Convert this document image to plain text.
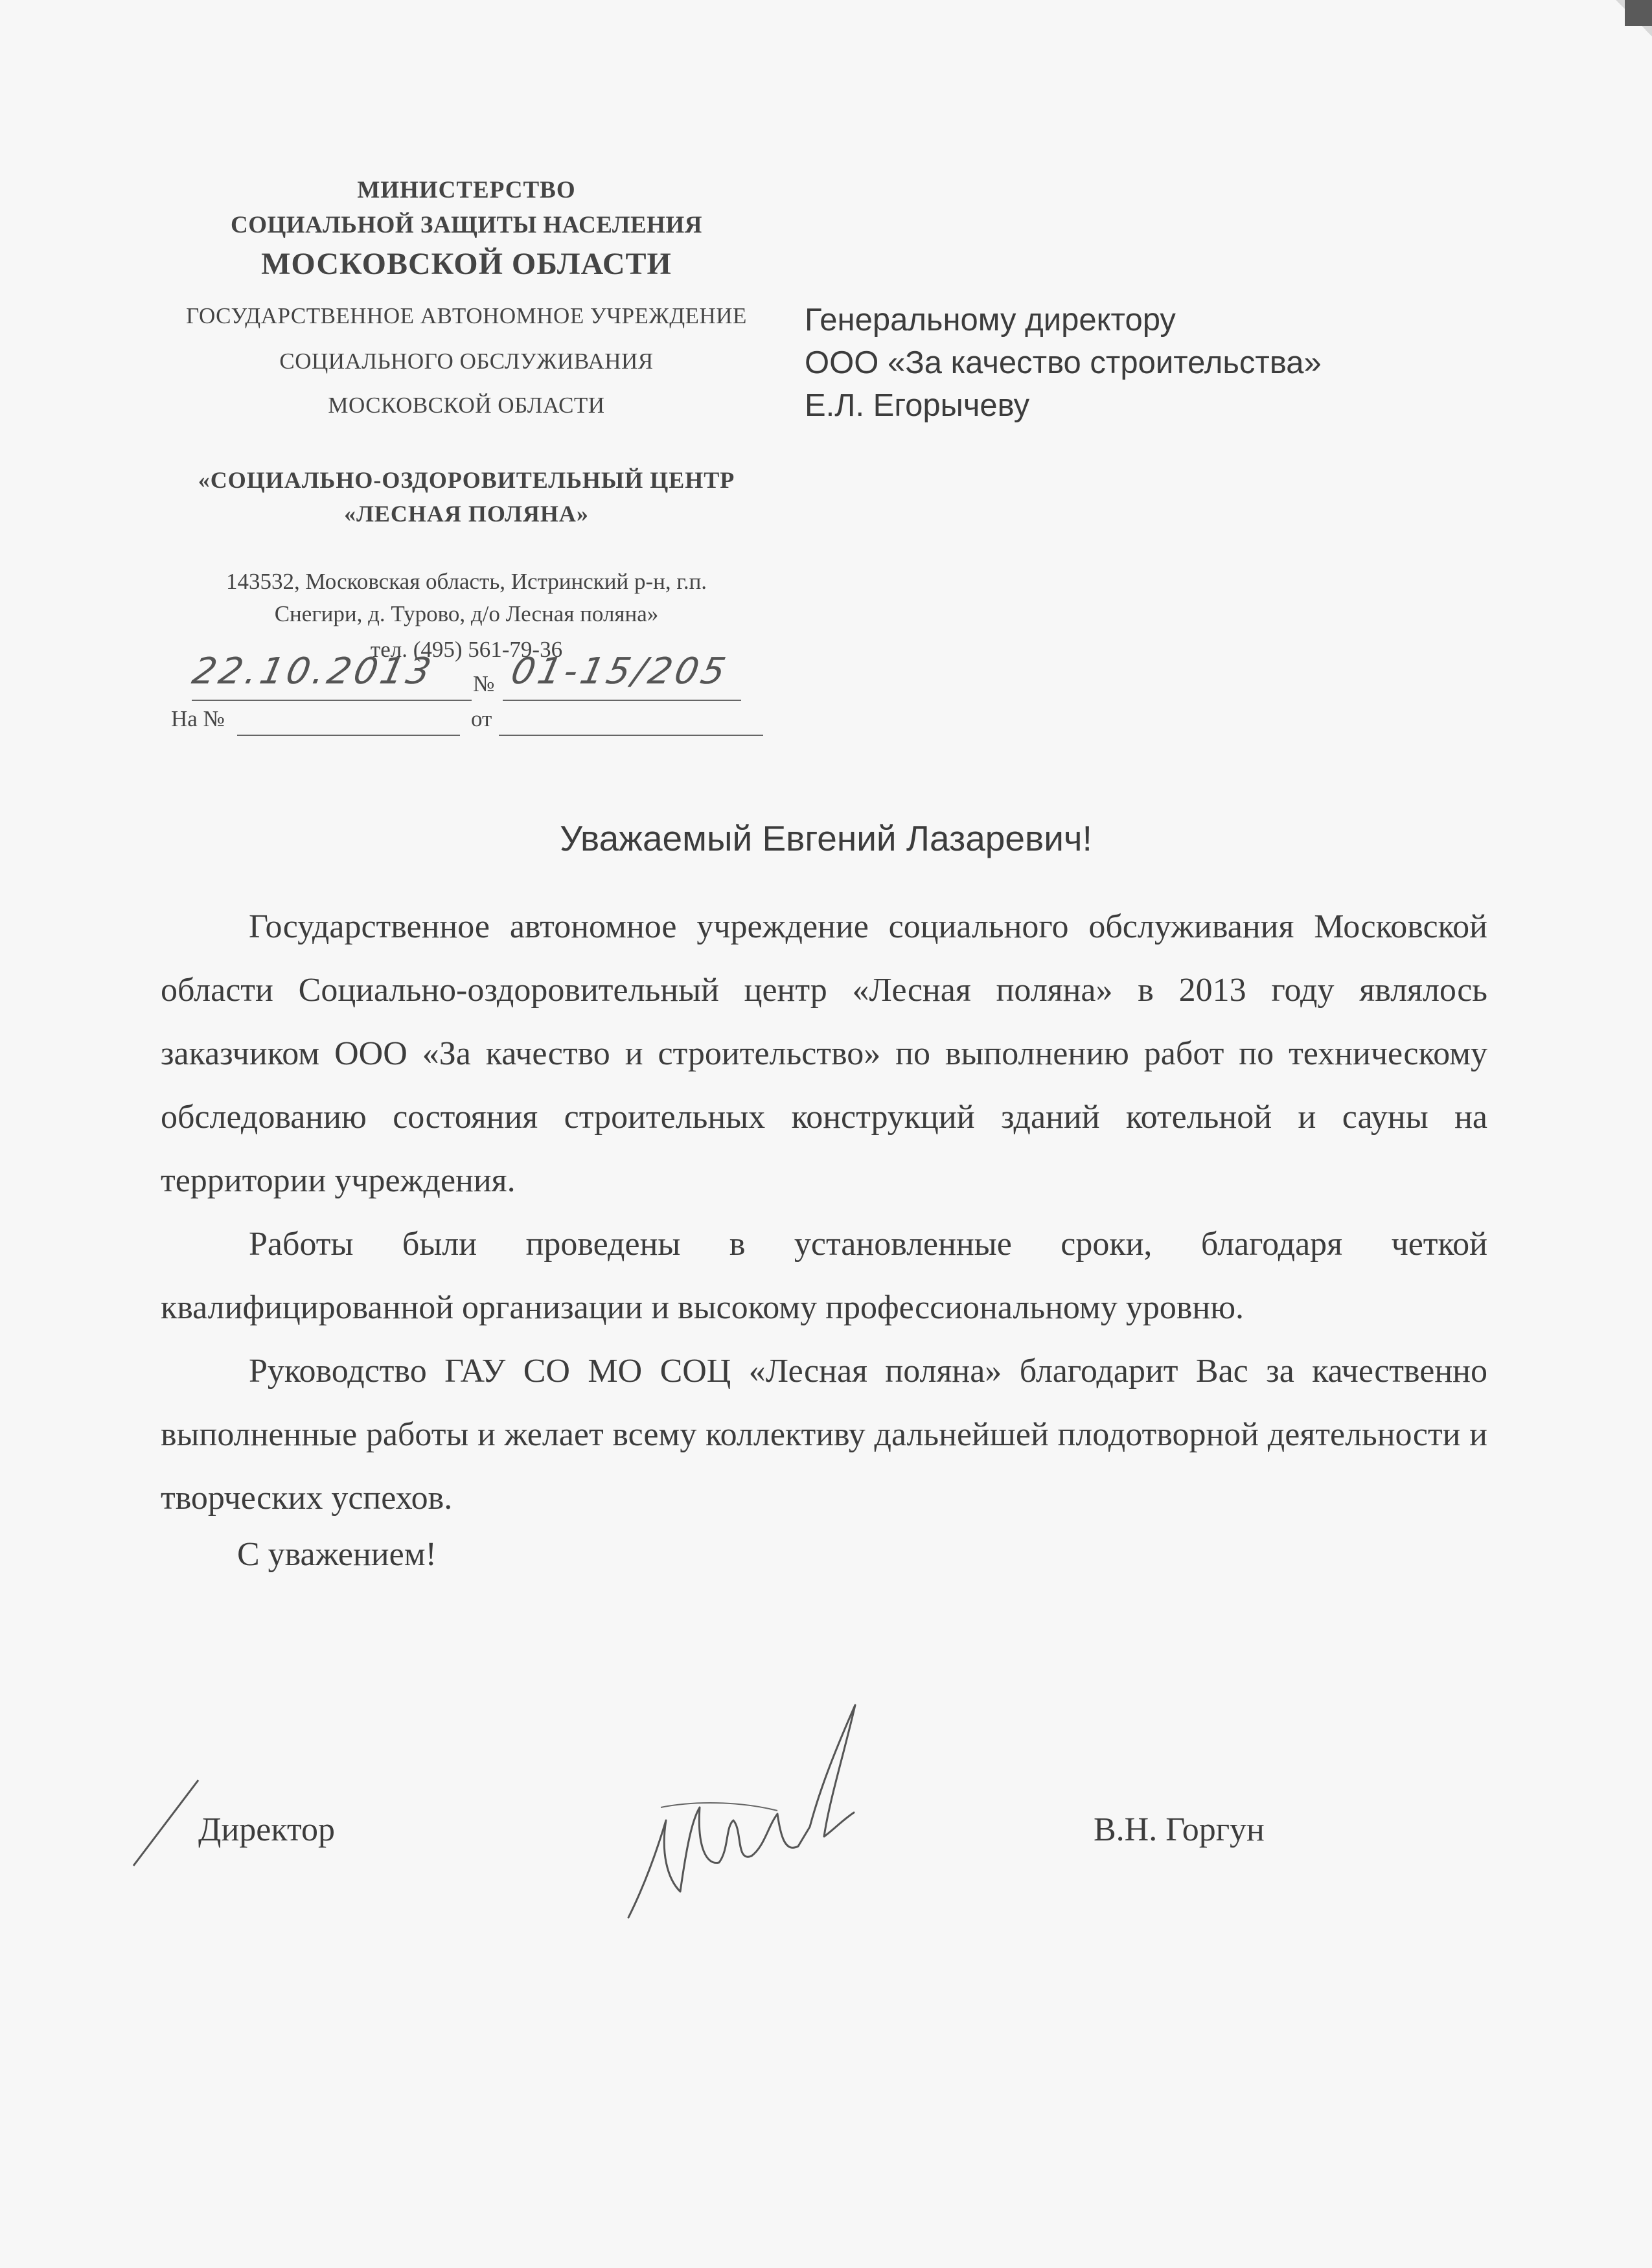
МИНИСТЕРСТВО
СОЦИАЛЬНОЙ ЗАЩИТЫ НАСЕЛЕНИЯ
МОСКОВСКОЙ ОБЛАСТИ
ГОСУДАРСТВЕННОЕ АВТОНОМНОЕ УЧРЕЖДЕНИЕ
СОЦИАЛЬНОГО ОБСЛУЖИВАНИЯ
МОСКОВСКОЙ ОБЛАСТИ
«СОЦИАЛЬНО-ОЗДОРОВИТЕЛЬНЫЙ ЦЕНТР
«ЛЕСНАЯ ПОЛЯНА»
143532, Московская область, Истринский р-н, г.п.
Снегири, д. Турово, д/о Лесная поляна»
тел. (495) 561-79-36
22.10.2013 № 01-15/205
На №	от
Генеральному директору
ООО «За качество строительства»
Е.Л. Егорычеву
Уважаемый Евгений Лазаревич!
Государственное автономное учреждение социального обслуживания Московской области Социально-оздоровительный центр «Лесная поляна» в 2013 году являлось заказчиком ООО «За качество и строительство» по выполнению работ по техническому обследованию состояния строительных конструкций зданий котельной и сауны на территории учреждения.
Работы были проведены в установленные сроки, благодаря четкой квалифицированной организации и высокому профессиональному уровню.
Руководство ГАУ СО МО СОЦ «Лесная поляна» благодарит Вас за качественно выполненные работы и желает всему коллективу дальнейшей плодотворной деятельности и творческих успехов.
С уважением!
Директор	В.Н. Горгун
